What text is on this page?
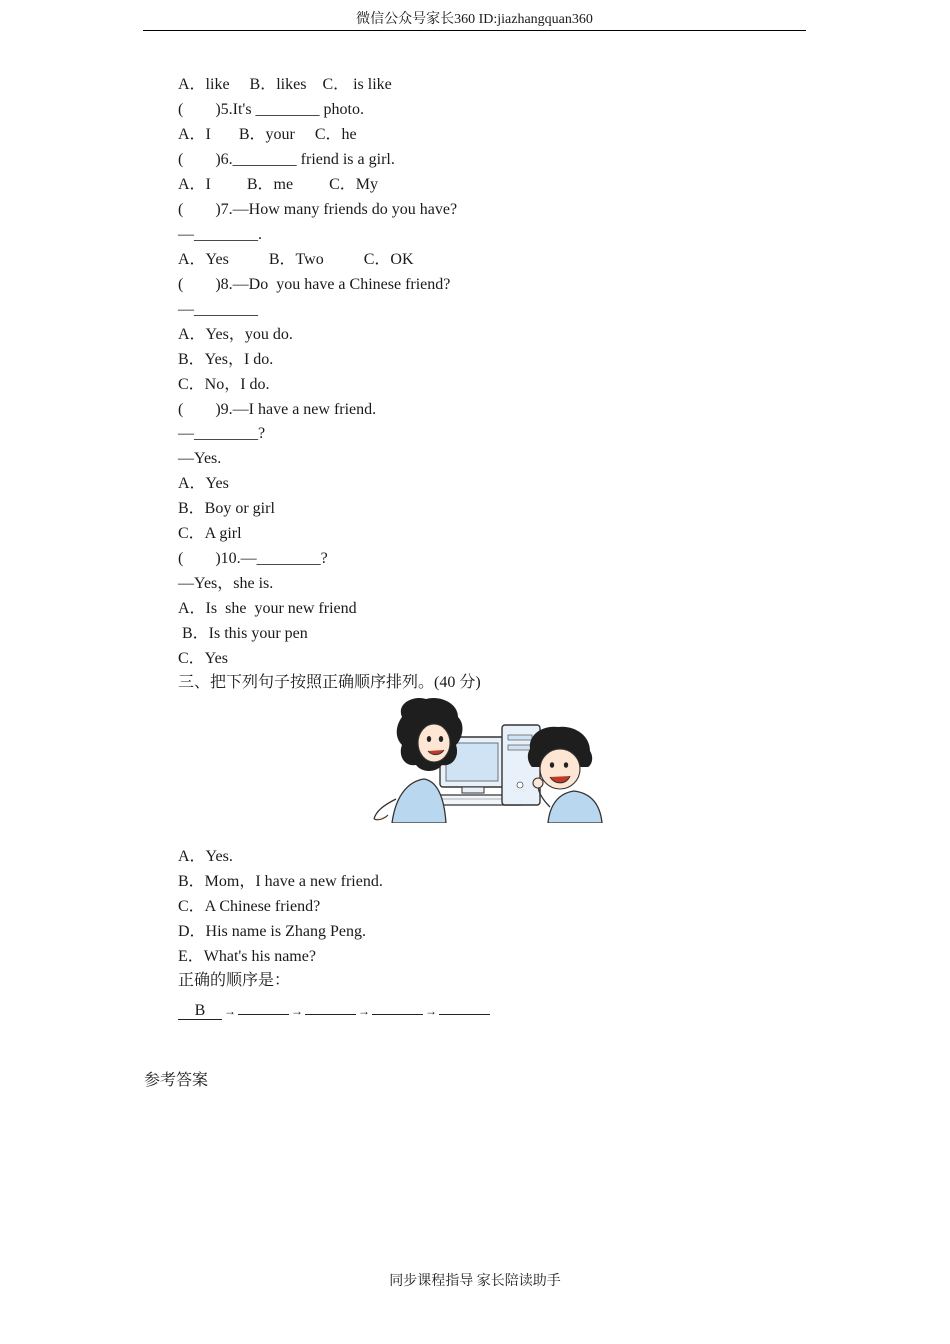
微信公众号家长360 ID:jiazhangquan360
A．like     B．likes    C． is like
(        )5.It's ________ photo.
A．I       B．your     C．he
(        )6.________ friend is a girl.
A．I         B．me         C．My
(        )7.—How many friends do you have?
—________.
A．Yes          B．Two          C．OK
(        )8.—Do  you have a Chinese friend?
—________
A．Yes，you do.
B．Yes，I do.
C．No，I do.
(        )9.—I have a new friend.
—________?
—Yes.
A．Yes
B．Boy or girl
C．A girl
(        )10.—________?
—Yes，she is.
A．Is  she  your new friend
B．Is this your pen
C．Yes
三、把下列句子按照正确顺序排列。(40 分)
A．Yes.
B．Mom，I have a new friend.
C．A Chinese friend?
D．His name is Zhang Peng.
E．What's his name?
正确的顺序是：
B →	→	→	→
参考答案
同步课程指导 家长陪读助手
